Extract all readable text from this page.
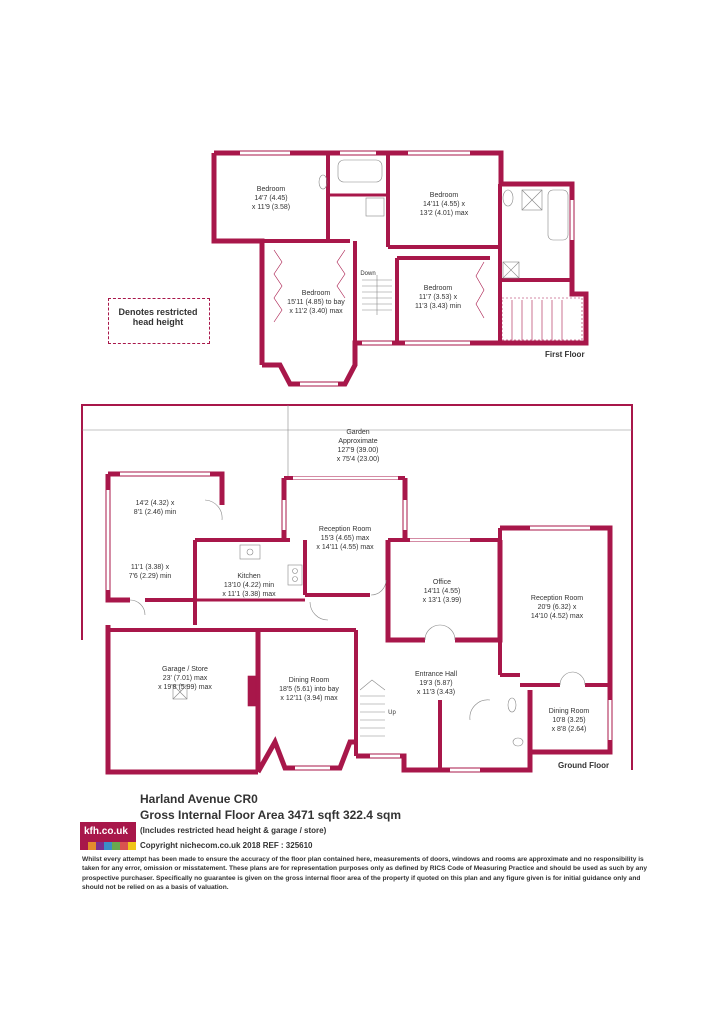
Bedroom
14'7 (4.45)
x 11'9 (3.58)
Bedroom
14'11 (4.55) x
13'2 (4.01) max
Bedroom
15'11 (4.85) to bay
x 11'2 (3.40) max
Bedroom
11'7 (3.53) x
11'3 (3.43) min
Down
First Floor
Garden
Approximate
127'9 (39.00)
x 75'4 (23.00)
14'2 (4.32) x
8'1 (2.46) min
11'1 (3.38) x
7'6 (2.29) min	Kitchen
13'10 (4.22) min
x 11'1 (3.38) max
Reception Room
15'3 (4.65) max
x 14'11 (4.55) max
Office
14'11 (4.55)
x 13'1 (3.99)	Reception Room
20'9 (6.32) x
14'10 (4.52) max
Garage / Store
23' (7.01) max
x 19'8 (5.99) max
Dining Room
18'5 (5.61) into bay
x 12'11 (3.94) max
Entrance Hall
19'3 (5.87)
x 11'3 (3.43)
Dining Room
10'8 (3.25)
x 8'8 (2.64)
Up
Ground Floor
Denotes restricted
head height
Harland Avenue CR0
Gross Internal Floor Area 3471 sqft 322.4 sqm
kfh.co.uk (Includes restricted head height & garage / store)
Copyright nichecom.co.uk 2018 REF : 325610
Whilst every attempt has been made to ensure the accuracy of the floor plan contained here, measurements of doors, windows and rooms are approximate and no responsibility is taken for any error, omission or misstatement. These plans are for representation purposes only as defined by RICS Code of Measuring Practice and should be used as such by any prospective purchaser. Specifically no guarantee is given on the gross internal floor area of the property if quoted on this plan and any figure given is for initial guidance only and should not be relied on as a basis of valuation.
